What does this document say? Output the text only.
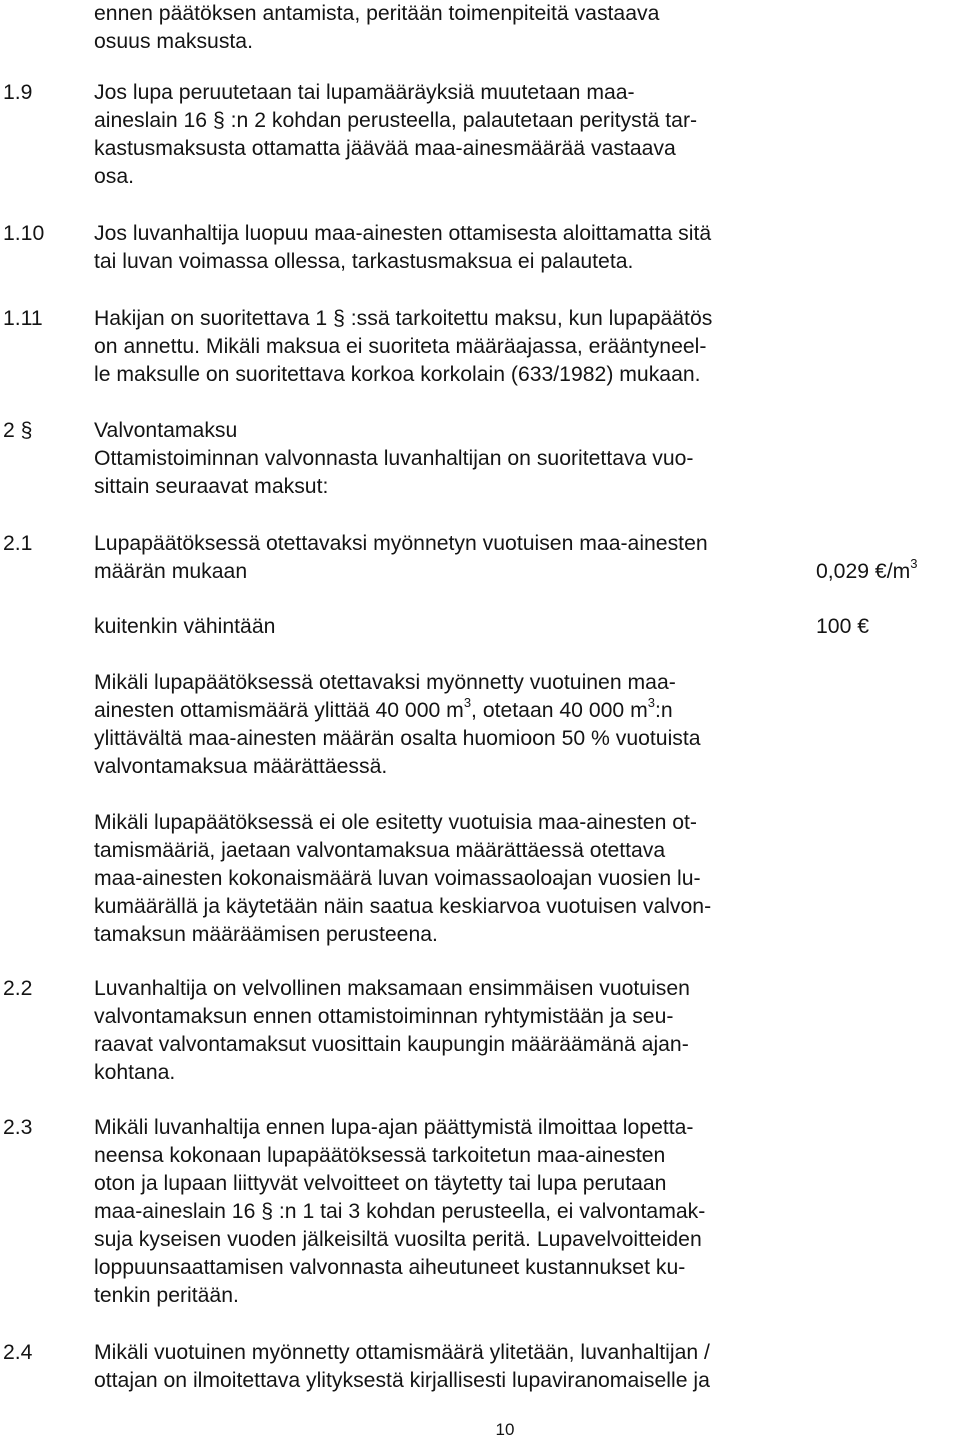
ennen päätöksen antamista, peritään toimenpiteitä vastaava
osuus maksusta.
1.9	Jos lupa peruutetaan tai lupamääräyksiä muutetaan maa-
aineslain 16 § :n 2 kohdan perusteella, palautetaan peritystä tar-
kastusmaksusta ottamatta jäävää maa-ainesmäärää vastaava
osa.
1.10 Jos luvanhaltija luopuu maa-ainesten ottamisesta aloittamatta sitä
tai luvan voimassa ollessa, tarkastusmaksua ei palauteta.
1.11 Hakijan on suoritettava 1 § :ssä tarkoitettu maksu, kun lupapäätös
on annettu. Mikäli maksua ei suoriteta määräajassa, erääntyneel-
le maksulle on suoritettava korkoa korkolain (633/1982) mukaan.
2 §	Valvontamaksu
Ottamistoiminnan valvonnasta luvanhaltijan on suoritettava vuo-
sittain seuraavat maksut:
2.1	Lupapäätöksessä otettavaksi myönnetyn vuotuisen maa-ainesten
määrän mukaan	0,029 $€/m^3$
kuitenkin vähintään	100 €
Mikäli lupapäätöksessä otettavaksi myönnetty vuotuinen maa-
ainesten ottamismäärä ylittää 40 000 $m^3$, otetaan 40 000 $m^3:n$
ylittävältä maa-ainesten määrän osalta huomioon 50 % vuotuista
valvontamaksua määrättäessä.
Mikäli lupapäätöksessä ei ole esitetty vuotuisia maa-ainesten ot-
tamismääriä, jaetaan valvontamaksua määrättäessä otettava
maa-ainesten kokonaismäärä luvan voimassaoloajan vuosien lu-
kumäärällä ja käytetään näin saatua keskiarvoa vuotuisen valvon-
tamaksun määräämisen perusteena.
2.2	Luvanhaltija on velvollinen maksamaan ensimmäisen vuotuisen
valvontamaksun ennen ottamistoiminnan ryhtymistään ja seu-
raavat valvontamaksut vuosittain kaupungin määräämänä ajan-
kohtana.
2.3	Mikäli luvanhaltija ennen lupa-ajan päättymistä ilmoittaa lopetta-
neensa kokonaan lupapäätöksessä tarkoitetun maa-ainesten
oton ja lupaan liittyvät velvoitteet on täytetty tai lupa perutaan
maa-aineslain 16 § :n 1 tai 3 kohdan perusteella, ei valvontamak-
suja kyseisen vuoden jälkeisiltä vuosilta peritä. Lupavelvoitteiden
loppuunsaattamisen valvonnasta aiheutuneet kustannukset ku-
tenkin peritään.
2.4	Mikäli vuotuinen myönnetty ottamismäärä ylitetään, luvanhaltijan /
ottajan on ilmoitettava ylityksestä kirjallisesti lupaviranomaiselle ja
10
